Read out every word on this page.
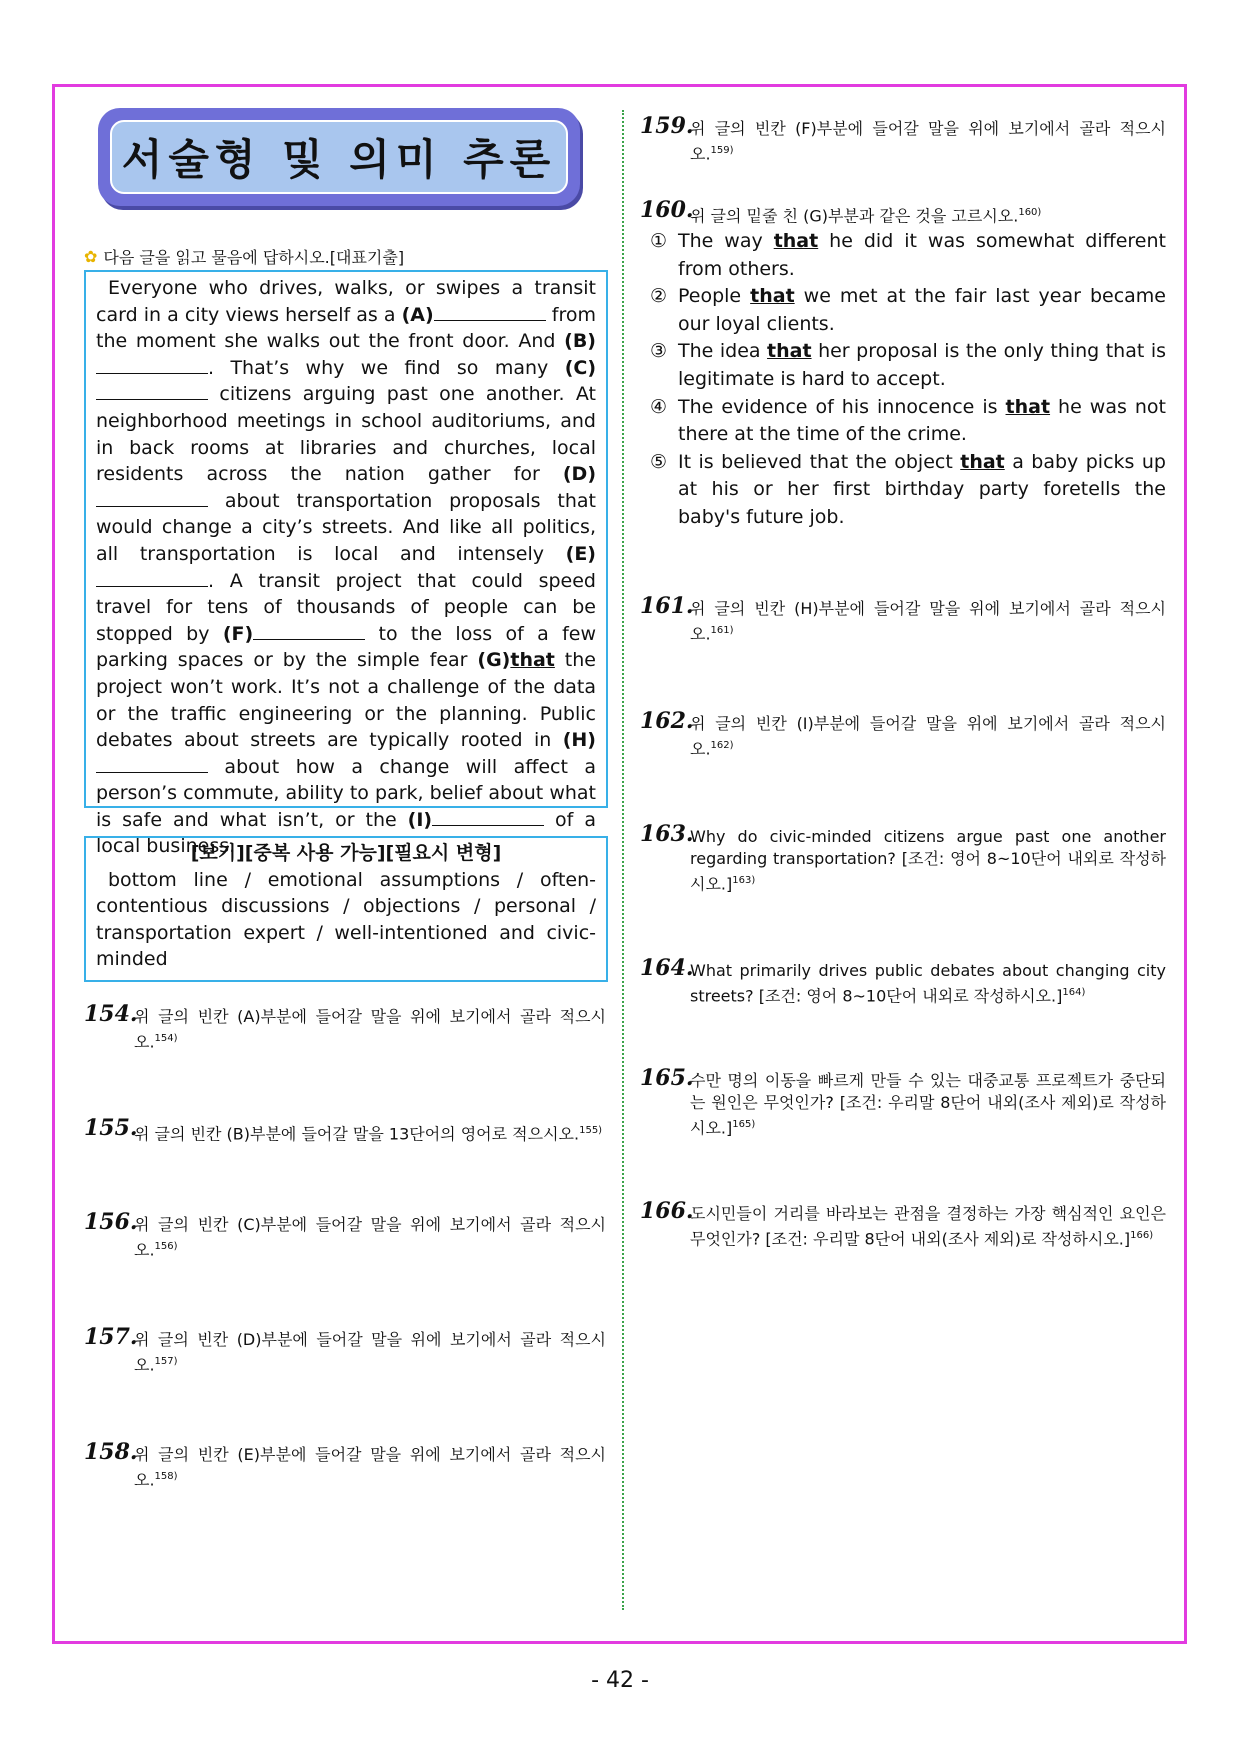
서술형 및 의미 추론
✿ 다음 글을 읽고 물음에 답하시오.[대표기출]
Everyone who drives, walks, or swipes a transit card in a city views herself as a (A)	from the moment she walks out the front door. And (B). That’s why we find so many (C) citizens arguing past one another. At neighborhood meetings in school auditoriums, and in back rooms at libraries and churches, local residents across the nation gather for (D) about transportation proposals that would change a city’s streets. And like all politics, all transportation is local and intensely (E). A transit project that could speed travel for tens of thousands of people can be stopped by (F)	to the loss of a few parking spaces or by the simple fear (G)that the project won’t work. It’s not a challenge of the data or the traffic engineering or the planning. Public debates about streets are typically rooted in (H) about how a change will affect a person’s commute, ability to park, belief about what is safe and what isn’t, or the (I)	of a local business.
[보기][중복 사용 가능][필요시 변형]
bottom line / emotional assumptions / often-contentious discussions / objections / personal / transportation expert / well-intentioned and civic-minded
154.
위 글의 빈칸 (A)부분에 들어갈 말을 위에 보기에서 골라 적으시오.$^{154)}$
155.
위 글의 빈칸 (B)부분에 들어갈 말을 13단어의 영어로 적으시오.$^{155)}$
156.
위 글의 빈칸 (C)부분에 들어갈 말을 위에 보기에서 골라 적으시오.$^{156)}$
157.
위 글의 빈칸 (D)부분에 들어갈 말을 위에 보기에서 골라 적으시오.$^{157)}$
158.
위 글의 빈칸 (E)부분에 들어갈 말을 위에 보기에서 골라 적으시오.$^{158)}$
159.
위 글의 빈칸 (F)부분에 들어갈 말을 위에 보기에서 골라 적으시오.$^{159)}$
160.
위 글의 밑줄 친 (G)부분과 같은 것을 고르시오.$^{160)}$
① The way that he did it was somewhat different from others.
② People that we met at the fair last year became our loyal clients.
③ The idea that her proposal is the only thing that is legitimate is hard to accept.
④ The evidence of his innocence is that he was not there at the time of the crime.
⑤ It is believed that the object that a baby picks up at his or her first birthday party foretells the baby's future job.
161.
위 글의 빈칸 (H)부분에 들어갈 말을 위에 보기에서 골라 적으시오.$^{161)}$
162.
위 글의 빈칸 (I)부분에 들어갈 말을 위에 보기에서 골라 적으시오.$^{162)}$
163.
Why do civic-minded citizens argue past one another regarding transportation? [조건: 영어 8~10단어 내외로 작성하시오.]$^{163)}$
164.
What primarily drives public debates about changing city streets? [조건: 영어 8~10단어 내외로 작성하시오.]$^{164)}$
165.
수만 명의 이동을 빠르게 만들 수 있는 대중교통 프로젝트가 중단되는 원인은 무엇인가? [조건: 우리말 8단어 내외(조사 제외)로 작성하시오.]$^{165)}$
166.
도시민들이 거리를 바라보는 관점을 결정하는 가장 핵심적인 요인은 무엇인가? [조건: 우리말 8단어 내외(조사 제외)로 작성하시오.]$^{166)}$
- 42 -
